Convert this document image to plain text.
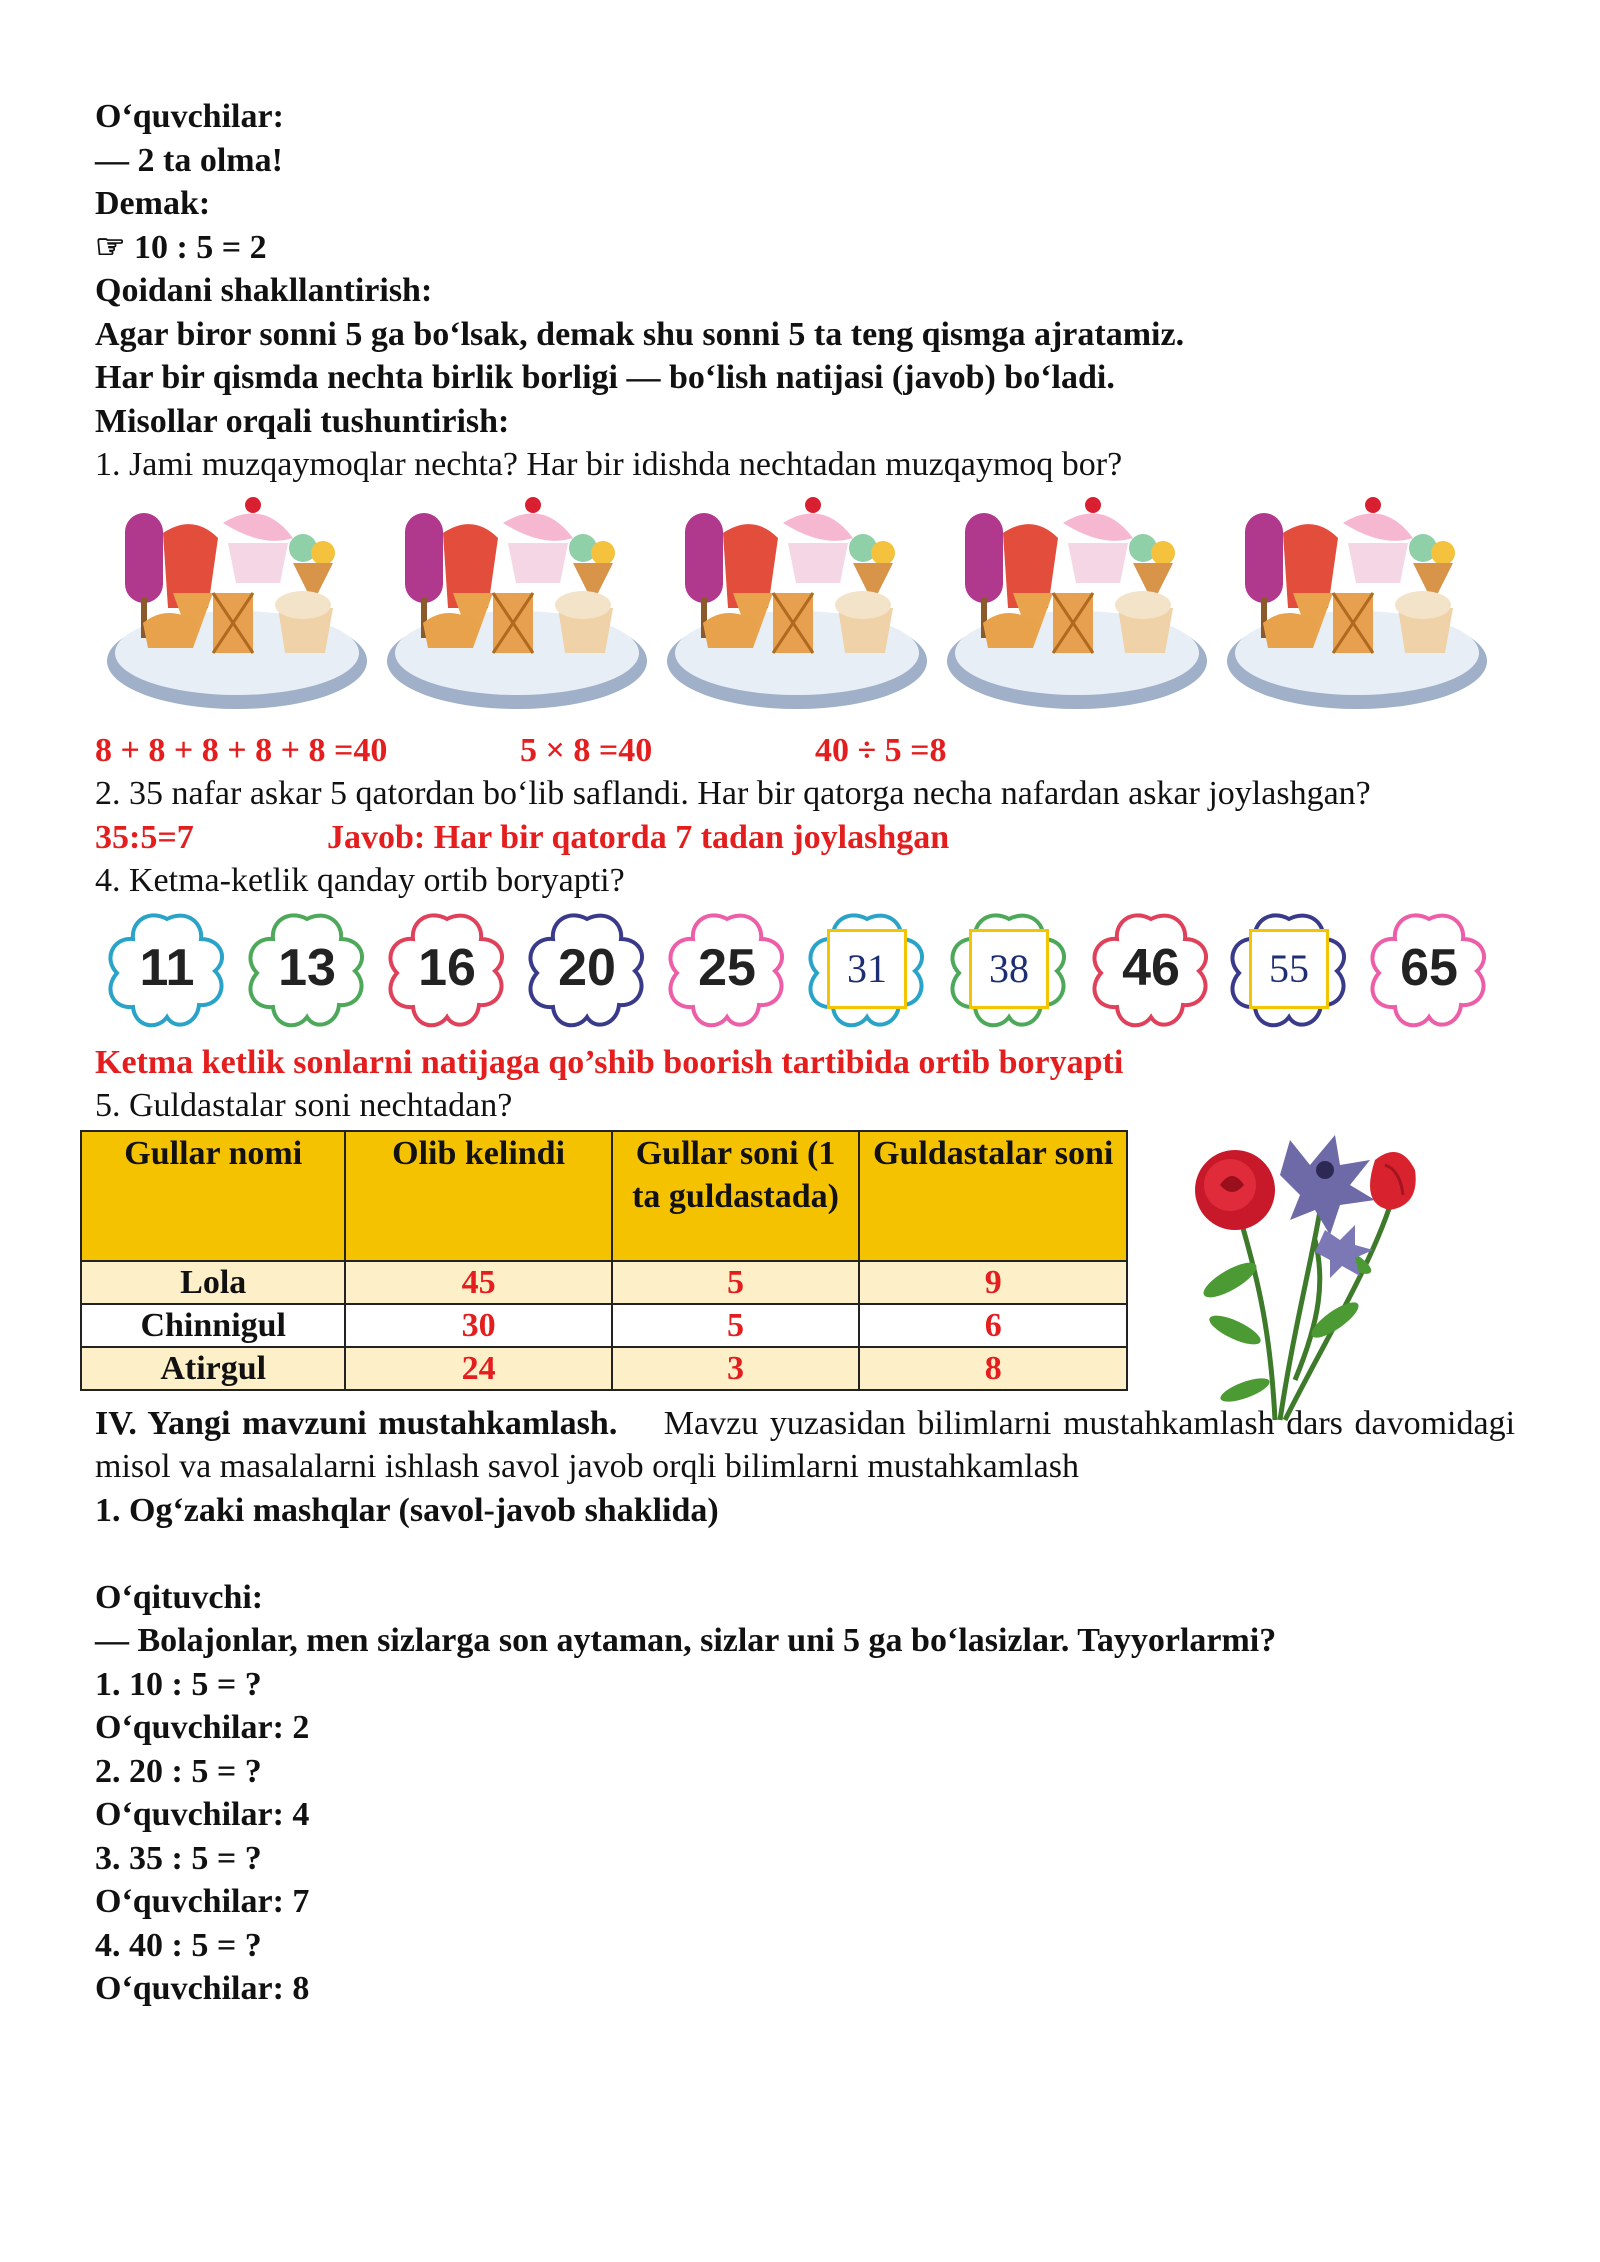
O‘quvchilar:
— 2 ta olma!
Demak:
☞ 10 : 5 = 2
Qoidani shakllantirish:
Agar biror sonni 5 ga bo‘lsak, demak shu sonni 5 ta teng qismga ajratamiz.
Har bir qismda nechta birlik borligi — bo‘lish natijasi (javob) bo‘ladi.
Misollar orqali tushuntirish:
1. Jami muzqaymoqlar nechta? Har bir idishda nechtadan muzqaymoq bor?
8 + 8 + 8 + 8 + 8 =40	5 × 8 =40	40 ÷ 5 =8
2. 35 nafar askar 5 qatordan bo‘lib saflandi. Har bir qatorga necha nafardan askar joylashgan?
35:5=7	Javob: Har bir qatorda 7 tadan joylashgan
4. Ketma-ketlik qanday ortib boryapti?
11	13	16	20	25	31	38	46	55	65
Ketma ketlik sonlarni natijaga qo’shib boorish tartibida ortib boryapti
5. Guldastalar soni nechtadan?
Gullar nomi	Olib kelindi	Gullar soni (1 ta guldastada)	Guldastalar soni
Lola	45	5	9
Chinnigul	30	5	6
Atirgul	24	3	8
IV. Yangi mavzuni mustahkamlash. Mavzu yuzasidan bilimlarni mustahkamlash dars davomidagi misol va masalalarni ishlash savol javob orqli bilimlarni mustahkamlash
1. Og‘zaki mashqlar (savol-javob shaklida)
O‘qituvchi:
— Bolajonlar, men sizlarga son aytaman, sizlar uni 5 ga bo‘lasizlar. Tayyorlarmi?
1. 10 : 5 = ?
O‘quvchilar: 2
2. 20 : 5 = ?
O‘quvchilar: 4
3. 35 : 5 = ?
O‘quvchilar: 7
4. 40 : 5 = ?
O‘quvchilar: 8
